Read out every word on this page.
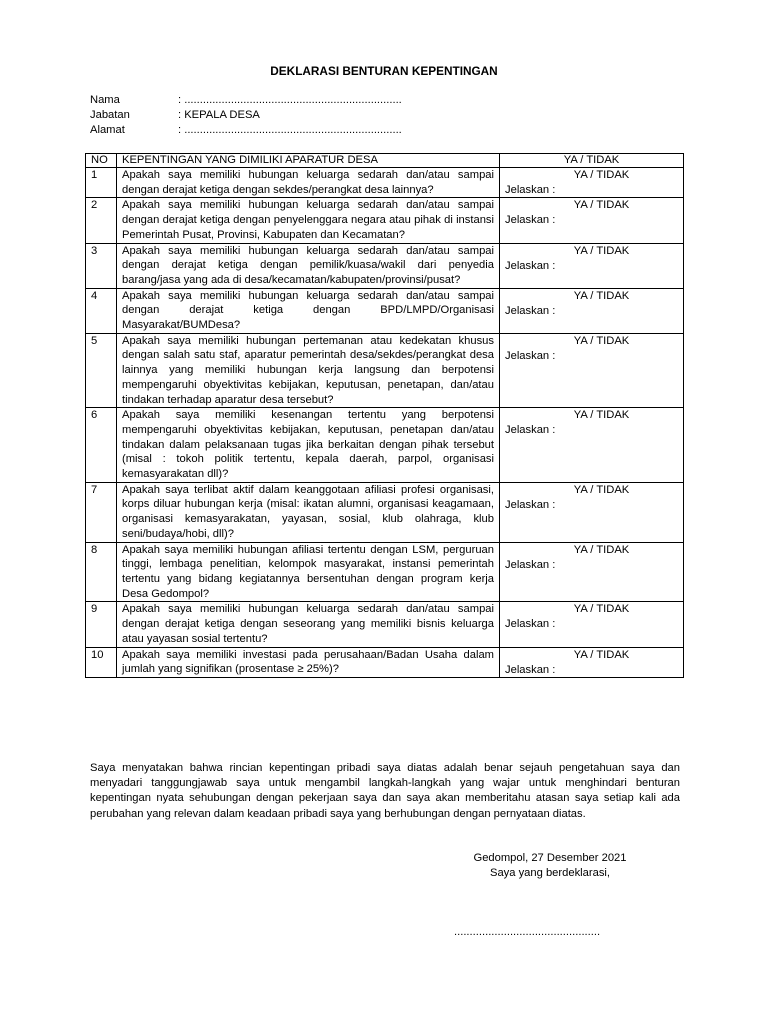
DEKLARASI BENTURAN KEPENTINGAN
Nama	: ......................................................................
Jabatan	: KEPALA DESA
Alamat	: ......................................................................
NO	KEPENTINGAN YANG DIMILIKI APARATUR DESA	YA / TIDAK
1	Apakah saya memiliki hubungan keluarga sedarah dan/atau sampai dengan derajat ketiga dengan sekdes/perangkat desa lainnya?	YA / TIDAK
Jelaskan :

2	Apakah saya memiliki hubungan keluarga sedarah dan/atau sampai dengan derajat ketiga dengan penyelenggara negara atau pihak di instansi Pemerintah Pusat, Provinsi, Kabupaten dan Kecamatan?	YA / TIDAK
Jelaskan :

3	Apakah saya memiliki hubungan keluarga sedarah dan/atau sampai dengan derajat ketiga dengan pemilik/kuasa/wakil dari penyedia barang/jasa yang ada di desa/kecamatan/kabupaten/provinsi/pusat?	YA / TIDAK
Jelaskan :

4	Apakah saya memiliki hubungan keluarga sedarah dan/atau sampai dengan derajat ketiga dengan BPD/LMPD/Organisasi Masyarakat/BUMDesa?	YA / TIDAK
Jelaskan :

5	Apakah saya memiliki hubungan pertemanan atau kedekatan khusus dengan salah satu staf, aparatur pemerintah desa/sekdes/perangkat desa lainnya yang memiliki hubungan kerja langsung dan berpotensi mempengaruhi obyektivitas kebijakan, keputusan, penetapan, dan/atau tindakan terhadap aparatur desa tersebut?	YA / TIDAK
Jelaskan :

6	Apakah saya memiliki kesenangan tertentu yang berpotensi mempengaruhi obyektivitas kebijakan, keputusan, penetapan dan/atau tindakan dalam pelaksanaan tugas jika berkaitan dengan pihak tersebut (misal : tokoh politik tertentu, kepala daerah, parpol, organisasi kemasyarakatan dll)?	YA / TIDAK
Jelaskan :

7	Apakah saya terlibat aktif dalam keanggotaan afiliasi profesi organisasi, korps diluar hubungan kerja (misal: ikatan alumni, organisasi keagamaan, organisasi kemasyarakatan, yayasan, sosial, klub olahraga, klub seni/budaya/hobi, dll)?	YA / TIDAK
Jelaskan :

8	Apakah saya memiliki hubungan afiliasi tertentu dengan LSM, perguruan tinggi, lembaga penelitian, kelompok masyarakat, instansi pemerintah tertentu yang bidang kegiatannya bersentuhan dengan program kerja Desa Gedompol?	YA / TIDAK
Jelaskan :

9	Apakah saya memiliki hubungan keluarga sedarah dan/atau sampai dengan derajat ketiga dengan seseorang yang memiliki bisnis keluarga atau yayasan sosial tertentu?	YA / TIDAK
Jelaskan :

10	Apakah saya memiliki investasi pada perusahaan/Badan Usaha dalam jumlah yang signifikan (prosentase ≥ 25%)?	YA / TIDAK
Jelaskan :
Saya menyatakan bahwa rincian kepentingan pribadi saya diatas adalah benar sejauh pengetahuan saya dan menyadari tanggungjawab saya untuk mengambil langkah-langkah yang wajar untuk menghindari benturan kepentingan nyata sehubungan dengan pekerjaan saya dan saya akan memberitahu atasan saya setiap kali ada perubahan yang relevan dalam keadaan pribadi saya yang berhubungan dengan pernyataan diatas.
Gedompol, 27 Desember 2021
Saya yang berdeklarasi,
...............................................
